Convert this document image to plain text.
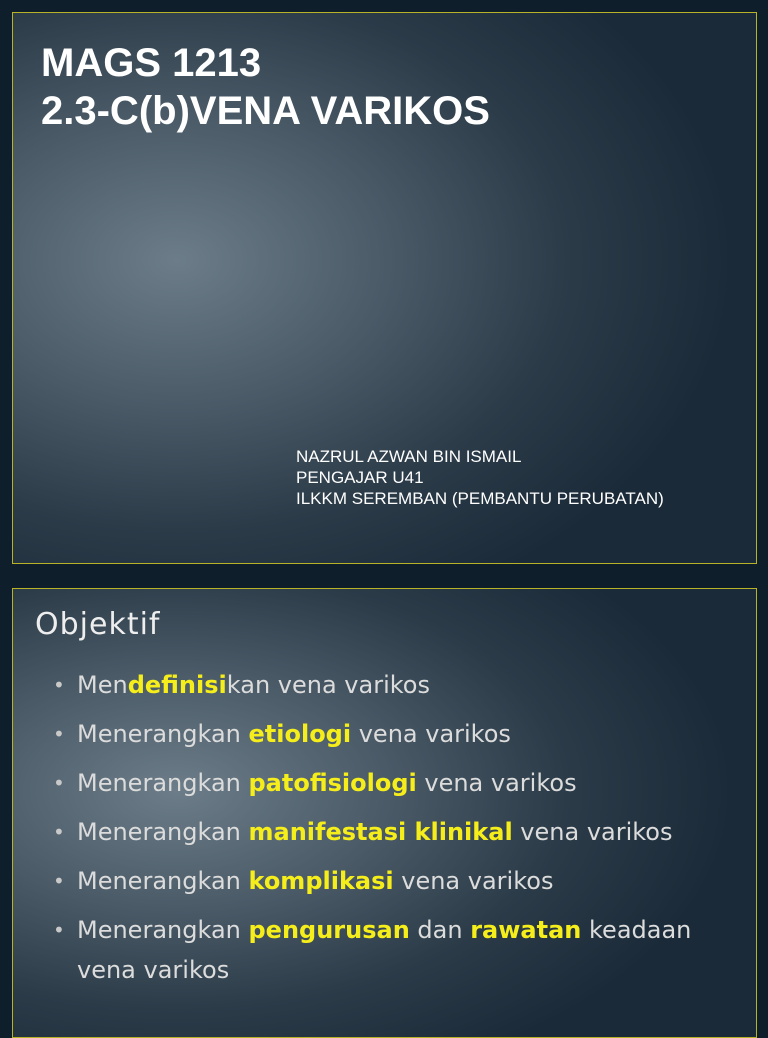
MAGS 1213
2.3-C(b)VENA VARIKOS
NAZRUL AZWAN BIN ISMAIL
PENGAJAR U41
ILKKM SEREMBAN (PEMBANTU PERUBATAN)
Objektif
• Mendefinisikan vena varikos
• Menerangkan etiologi vena varikos
• Menerangkan patofisiologi vena varikos
• Menerangkan manifestasi klinikal vena varikos
• Menerangkan komplikasi vena varikos
• Menerangkan pengurusan dan rawatan keadaan vena varikos
